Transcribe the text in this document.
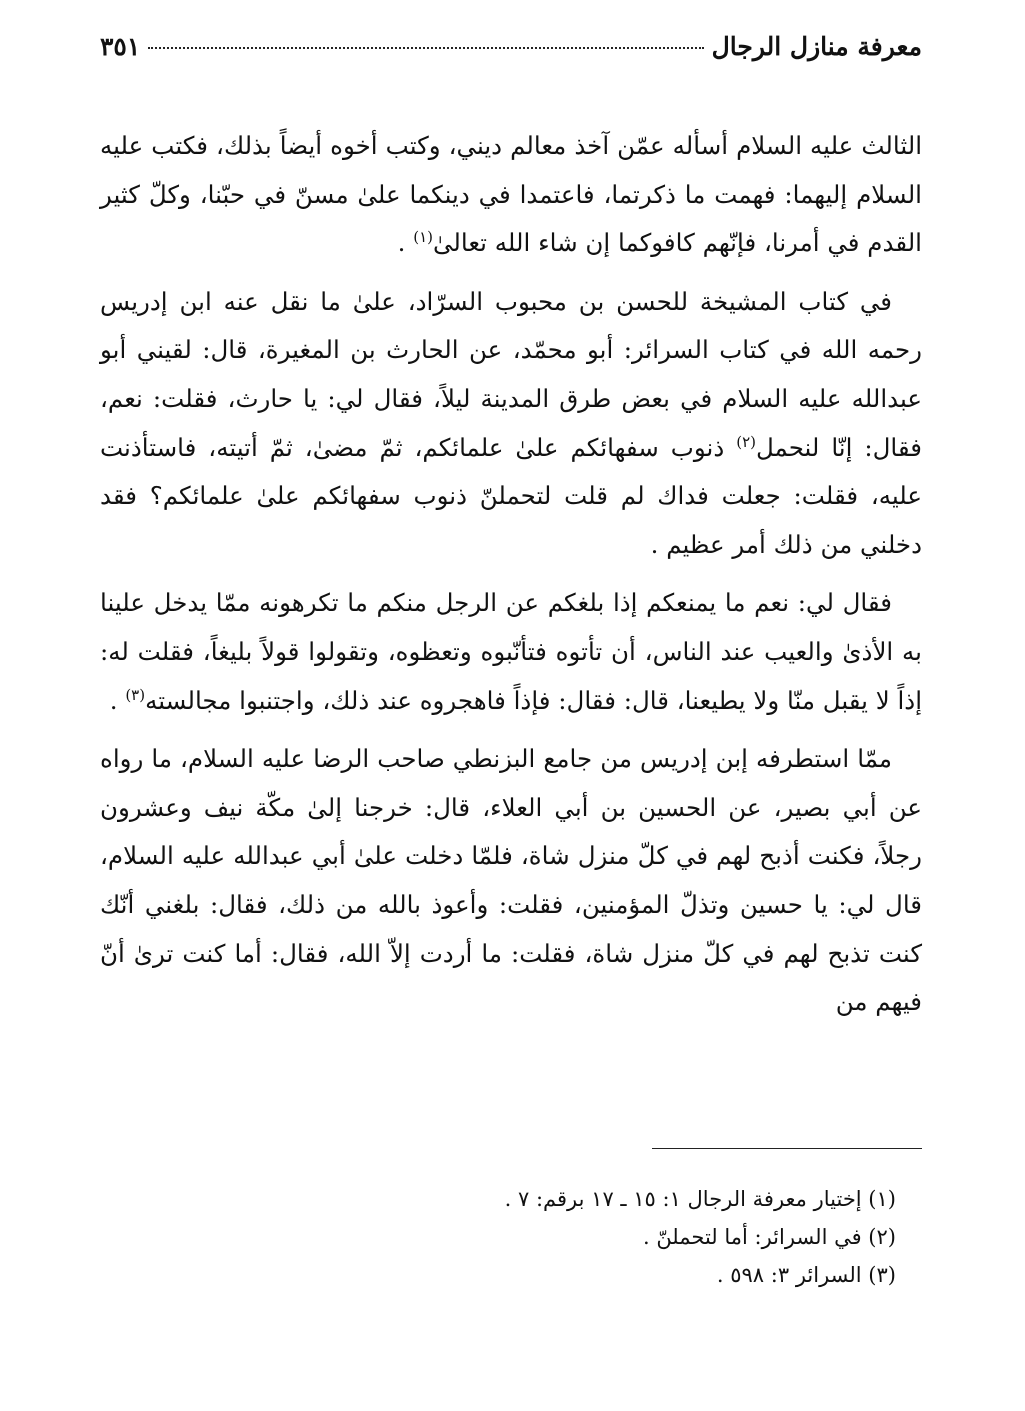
معرفة منازل الرجال
٣٥١

الثالث عليه السلام أسأله عمّن آخذ معالم ديني، وكتب أخوه أيضاً بذلك، فكتب عليه السلام إليهما: فهمت ما ذكرتما، فاعتمدا في دينكما علىٰ مسنّ في حبّنا، وكلّ كثير القدم في أمرنا، فإنّهم كافوكما إن شاء الله تعالىٰ$^{(١)}$ .

في كتاب المشيخة للحسن بن محبوب السرّاد، علىٰ ما نقل عنه ابن إدريس رحمه الله في كتاب السرائر: أبو محمّد، عن الحارث بن المغيرة، قال: لقيني أبو عبدالله عليه السلام في بعض طرق المدينة ليلاً، فقال لي: يا حارث، فقلت: نعم، فقال: إنّا لنحمل$^{(٢)}$ ذنوب سفهائكم علىٰ علمائكم، ثمّ مضىٰ، ثمّ أتيته، فاستأذنت عليه، فقلت: جعلت فداك لم قلت لتحملنّ ذنوب سفهائكم علىٰ علمائكم؟ فقد دخلني من ذلك أمر عظيم .

فقال لي: نعم ما يمنعكم إذا بلغكم عن الرجل منكم ما تكرهونه ممّا يدخل علينا به الأذىٰ والعيب عند الناس، أن تأتوه فتأنّبوه وتعظوه، وتقولوا قولاً بليغاً، فقلت له: إذاً لا يقبل منّا ولا يطيعنا، قال: فقال: فإذاً فاهجروه عند ذلك، واجتنبوا مجالسته$^{(٣)}$ .

ممّا استطرفه إبن إدريس من جامع البزنطي صاحب الرضا عليه السلام، ما رواه عن أبي بصير، عن الحسين بن أبي العلاء، قال: خرجنا إلىٰ مكّة نيف وعشرون رجلاً، فكنت أذبح لهم في كلّ منزل شاة، فلمّا دخلت علىٰ أبي عبدالله عليه السلام، قال لي: يا حسين وتذلّ المؤمنين، فقلت: وأعوذ بالله من ذلك، فقال: بلغني أنّك كنت تذبح لهم في كلّ منزل شاة، فقلت: ما أردت إلاّ الله، فقال: أما كنت ترىٰ أنّ فيهم من

(١) إختيار معرفة الرجال ١: ١٥ ـ ١٧ برقم: ٧ .

(٢) في السرائر: أما لتحملنّ .

(٣) السرائر ٣: ٥٩٨ .
